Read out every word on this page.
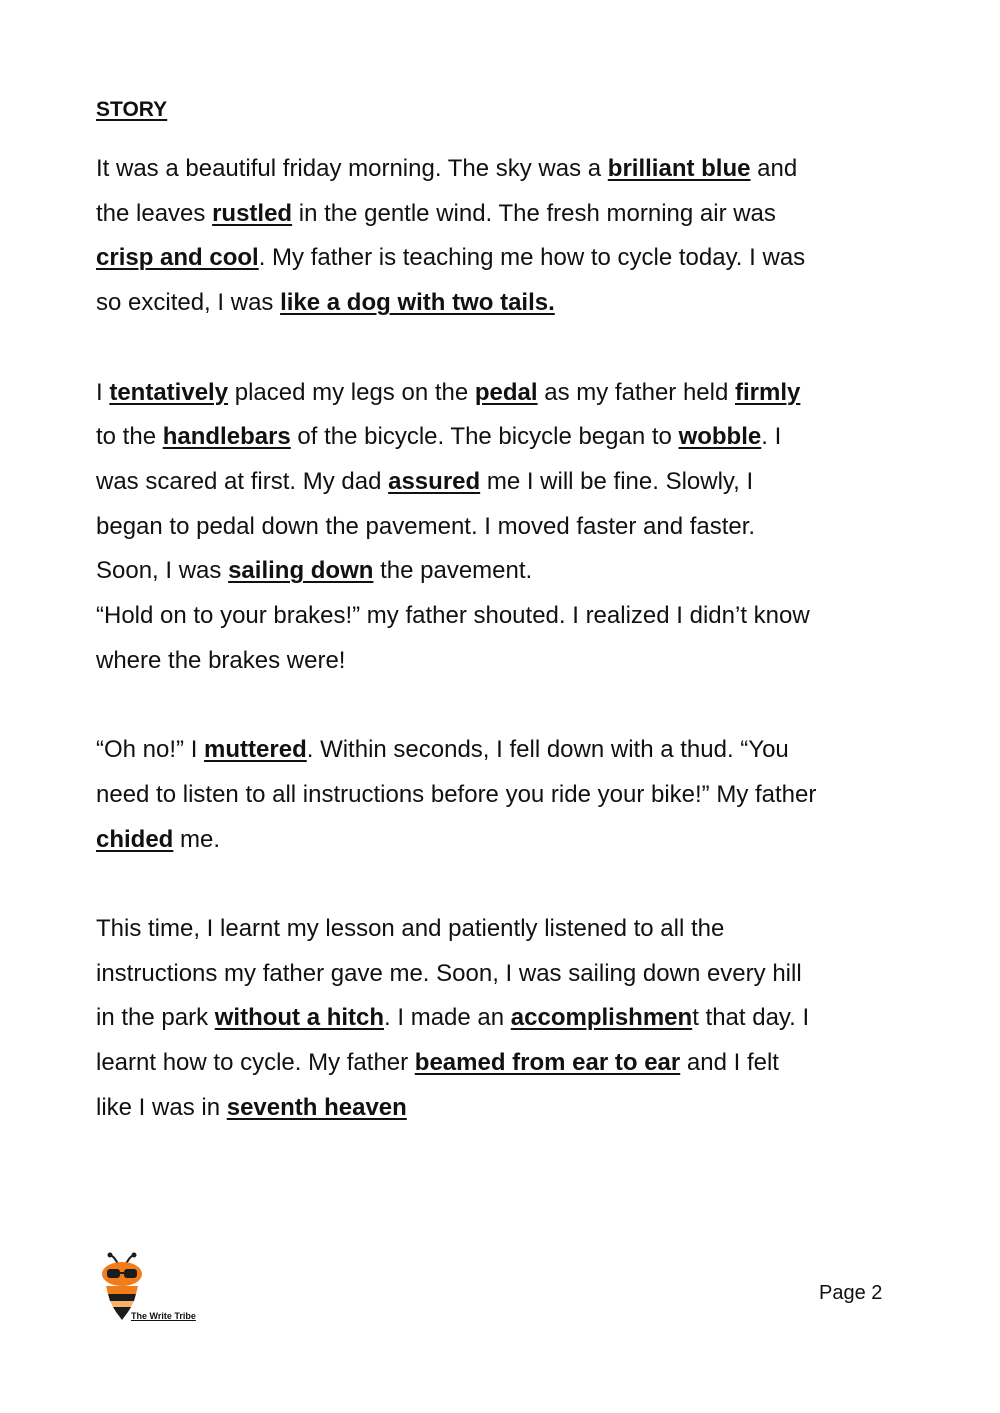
STORY

It was a beautiful friday morning. The sky was a brilliant blue and
the leaves rustled in the gentle wind. The fresh morning air was
crisp and cool. My father is teaching me how to cycle today. I was
so excited, I was like a dog with two tails.

I tentatively placed my legs on the pedal as my father held firmly
to the handlebars of the bicycle. The bicycle began to wobble. I
was scared at first. My dad assured me I will be fine. Slowly, I
began to pedal down the pavement. I moved faster and faster.
Soon, I was sailing down the pavement.
“Hold on to your brakes!” my father shouted. I realized I didn’t know
where the brakes were!

“Oh no!” I muttered. Within seconds, I fell down with a thud. “You
need to listen to all instructions before you ride your bike!” My father
chided me.

This time, I learnt my lesson and patiently listened to all the
instructions my father gave me. Soon, I was sailing down every hill
in the park without a hitch. I made an accomplishment that day. I
learnt how to cycle. My father beamed from ear to ear and I felt
like I was in seventh heaven

The Write Tribe
Page 2
